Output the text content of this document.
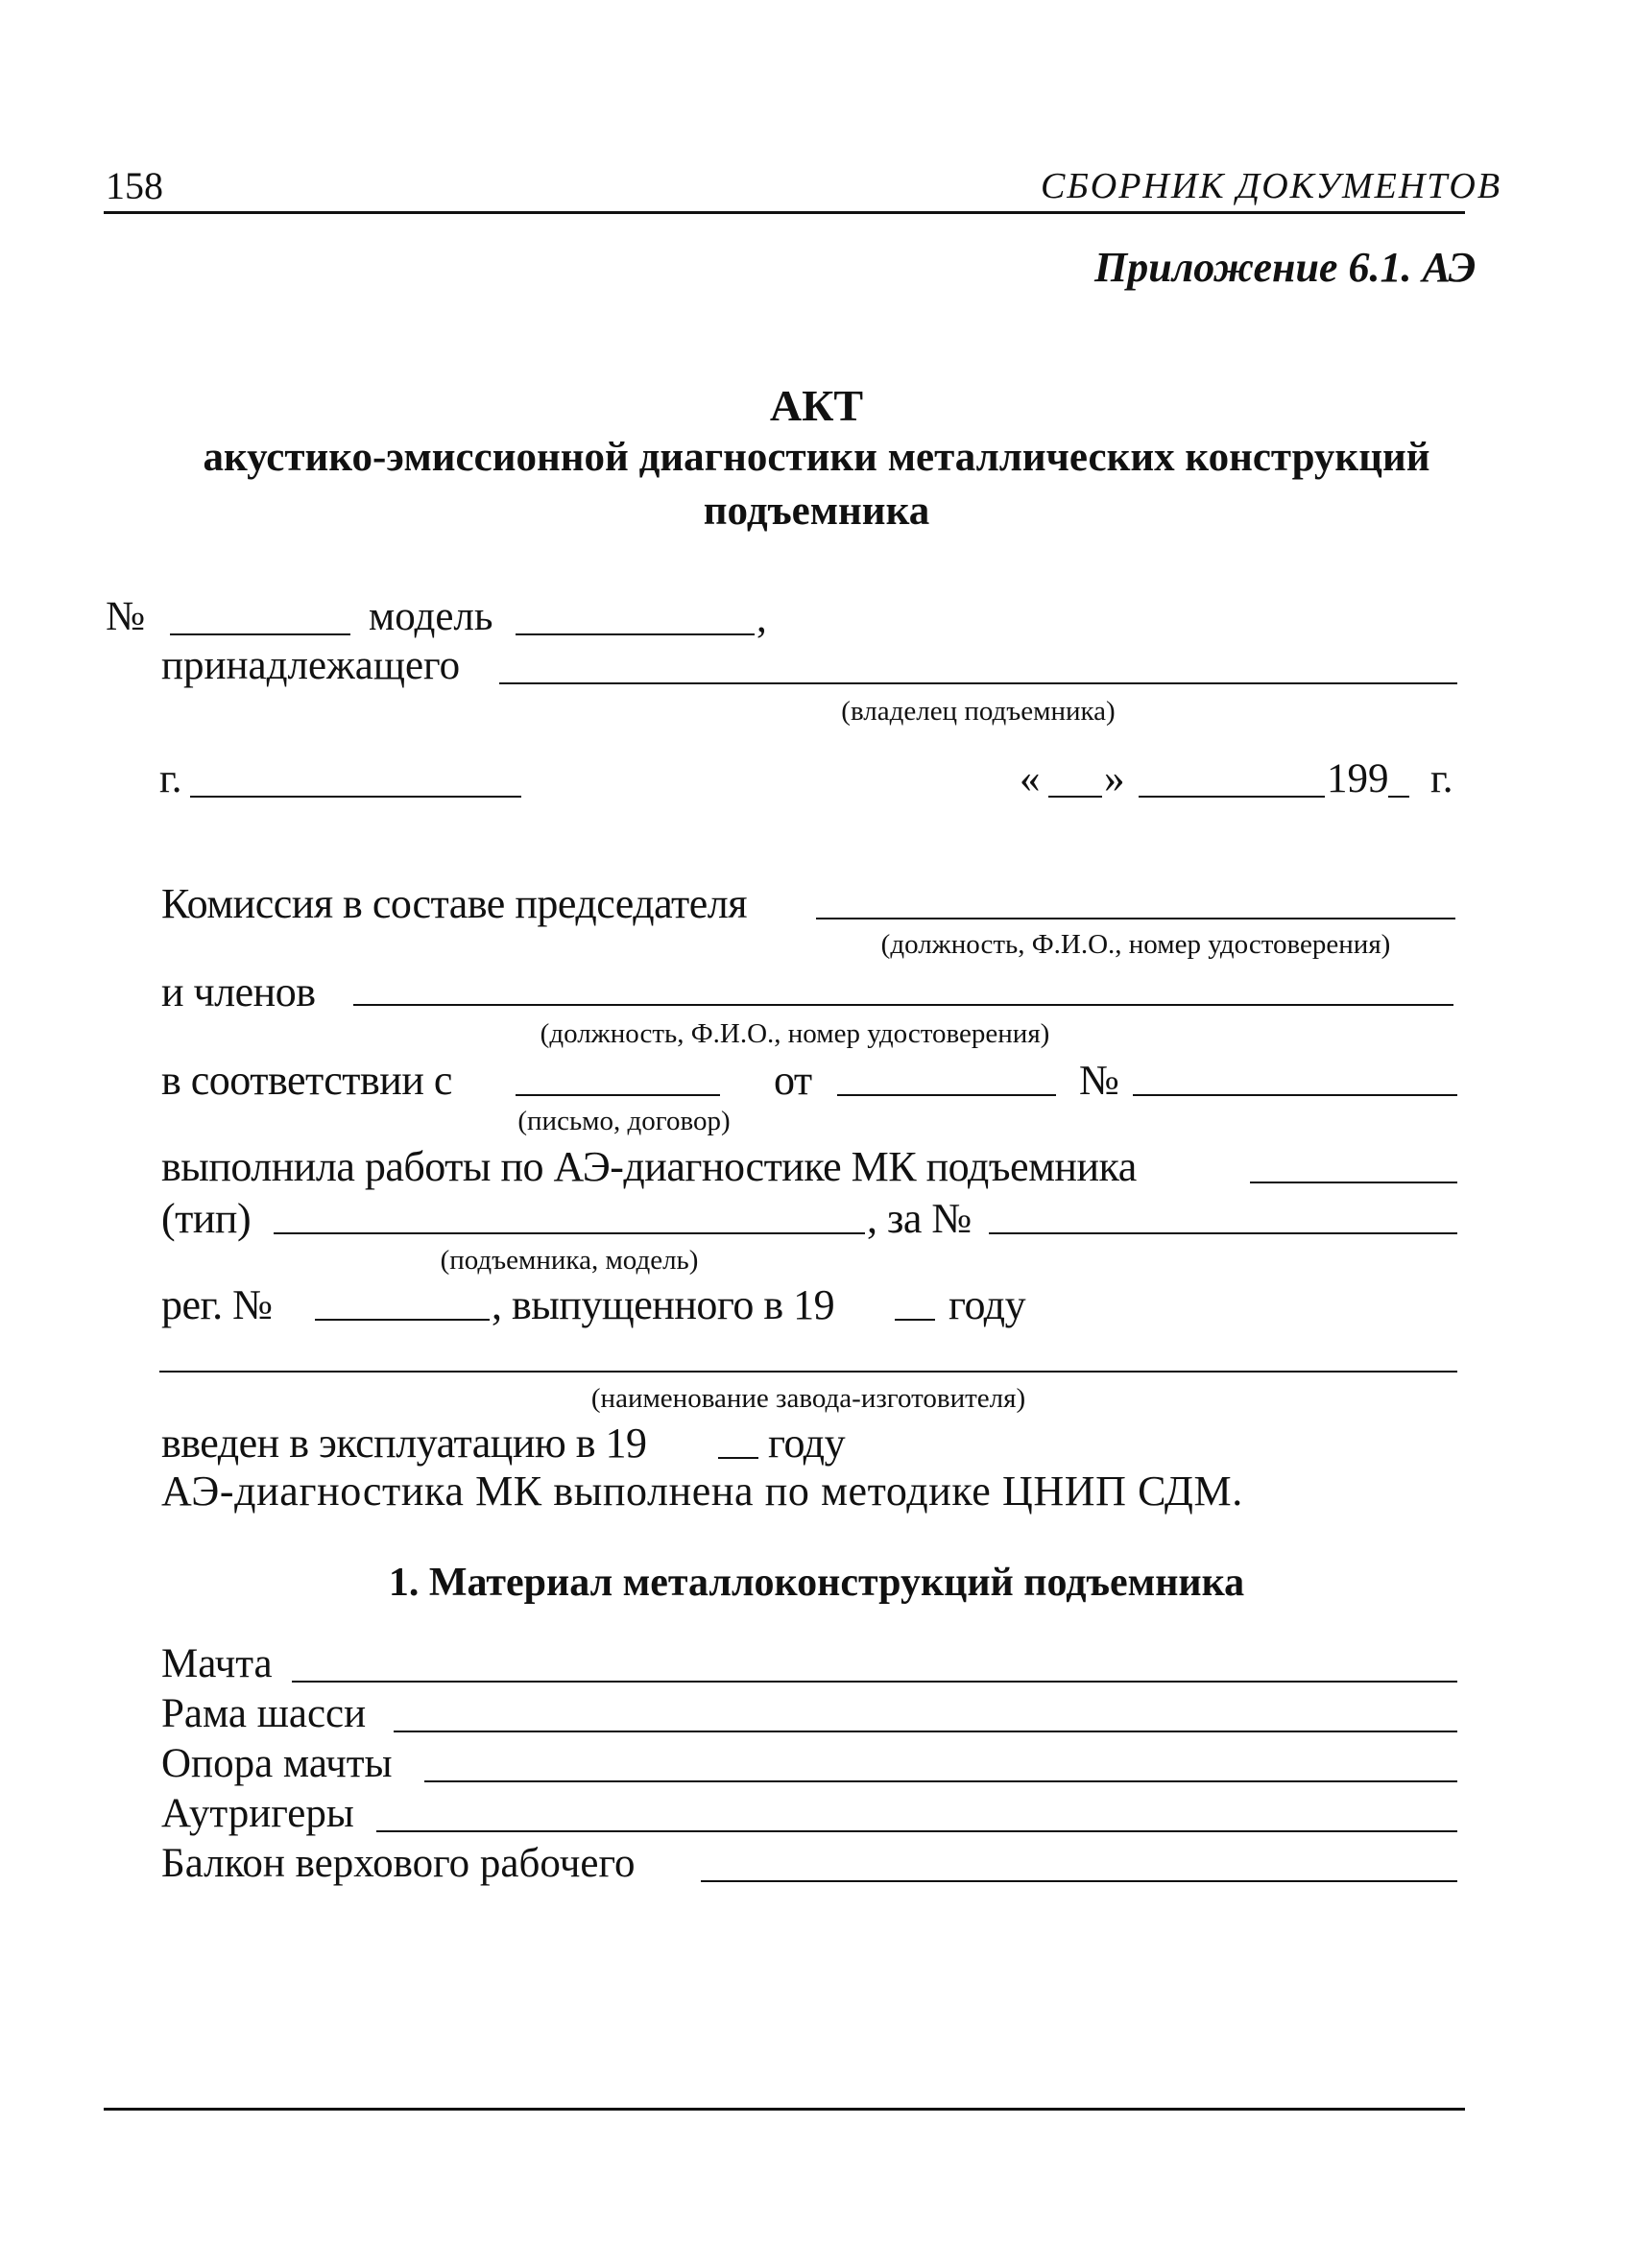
158	СБОРНИК ДОКУМЕНТОВ
Приложение 6.1. АЭ
АКТ
акустико-эмиссионной диагностики металлических конструкций
подъемника
№	модель	,
принадлежащего
(владелец подъемника)
г.	« »	199 г.
Комиссия в составе председателя
(должность, Ф.И.О., номер удостоверения)
и членов
(должность, Ф.И.О., номер удостоверения)
в соответствии с	от	№
(письмо, договор)
выполнила работы по АЭ-диагностике МК подъемника
(тип)	, за №
(подъемника, модель)
рег. №	, выпущенного в 19	году
(наименование завода-изготовителя)
введен в эксплуатацию в 19	году
АЭ-диагностика МК выполнена по методике ЦНИП СДМ.
1. Материал металлоконструкций подъемника
Мачта
Рама шасси
Опора мачты
Аутригеры
Балкон верхового рабочего
